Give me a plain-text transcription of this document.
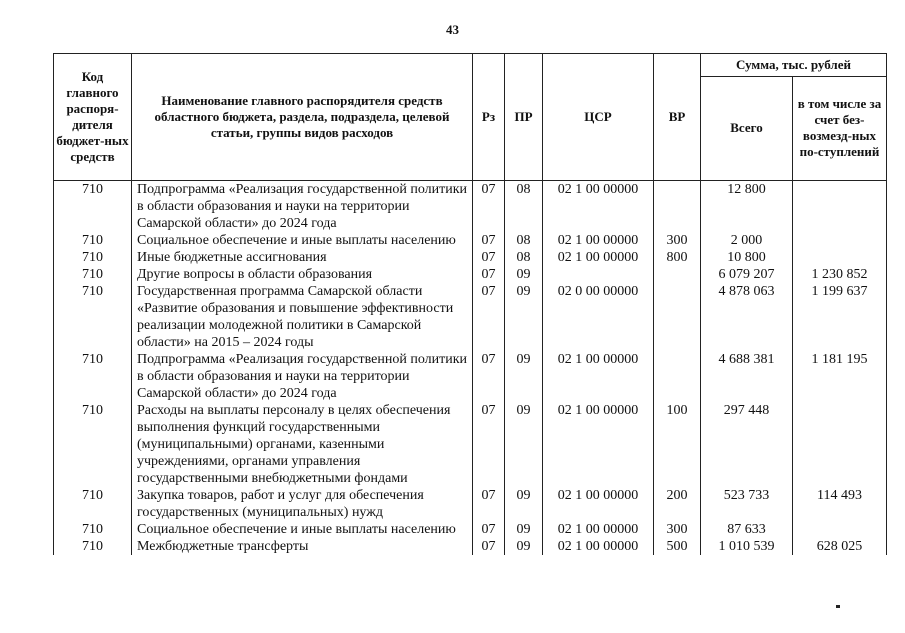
43
Код главного распоря-дителя бюджет-ных средств	Наименование главного распорядителя средств областного бюджета, раздела, подраздела, целевой статьи, группы видов расходов	Рз	ПР	ЦСР	ВР	Сумма, тыс. рублей	
						Всего	в том числе за счет без-возмезд-ных по-ступлений
710	Подпрограмма «Реализация государственной политики в области образования и науки на территории Самарской области» до 2024 года	07	08	02 1 00 00000		12 800	
710	Социальное обеспечение и иные выплаты населению	07	08	02 1 00 00000	300	2 000	
710	Иные бюджетные ассигнования	07	08	02 1 00 00000	800	10 800	
710	Другие вопросы в области образования	07	09			6 079 207	1 230 852
710	Государственная программа Самарской области «Развитие образования и повышение эффективности реализации молодежной политики в Самарской области» на 2015 – 2024 годы	07	09	02 0 00 00000		4 878 063	1 199 637
710	Подпрограмма «Реализация государственной политики в области образования и науки на территории Самарской области» до 2024 года	07	09	02 1 00 00000		4 688 381	1 181 195
710	Расходы на выплаты персоналу в целях обеспечения выполнения функций государственными (муниципальными) органами, казенными учреждениями, органами управления государственными внебюджетными фондами	07	09	02 1 00 00000	100	297 448	
710	Закупка товаров, работ и услуг для обеспечения государственных (муниципальных) нужд	07	09	02 1 00 00000	200	523 733	114 493
710	Социальное обеспечение и иные выплаты населению	07	09	02 1 00 00000	300	87 633	
710	Межбюджетные трансферты	07	09	02 1 00 00000	500	1 010 539	628 025
